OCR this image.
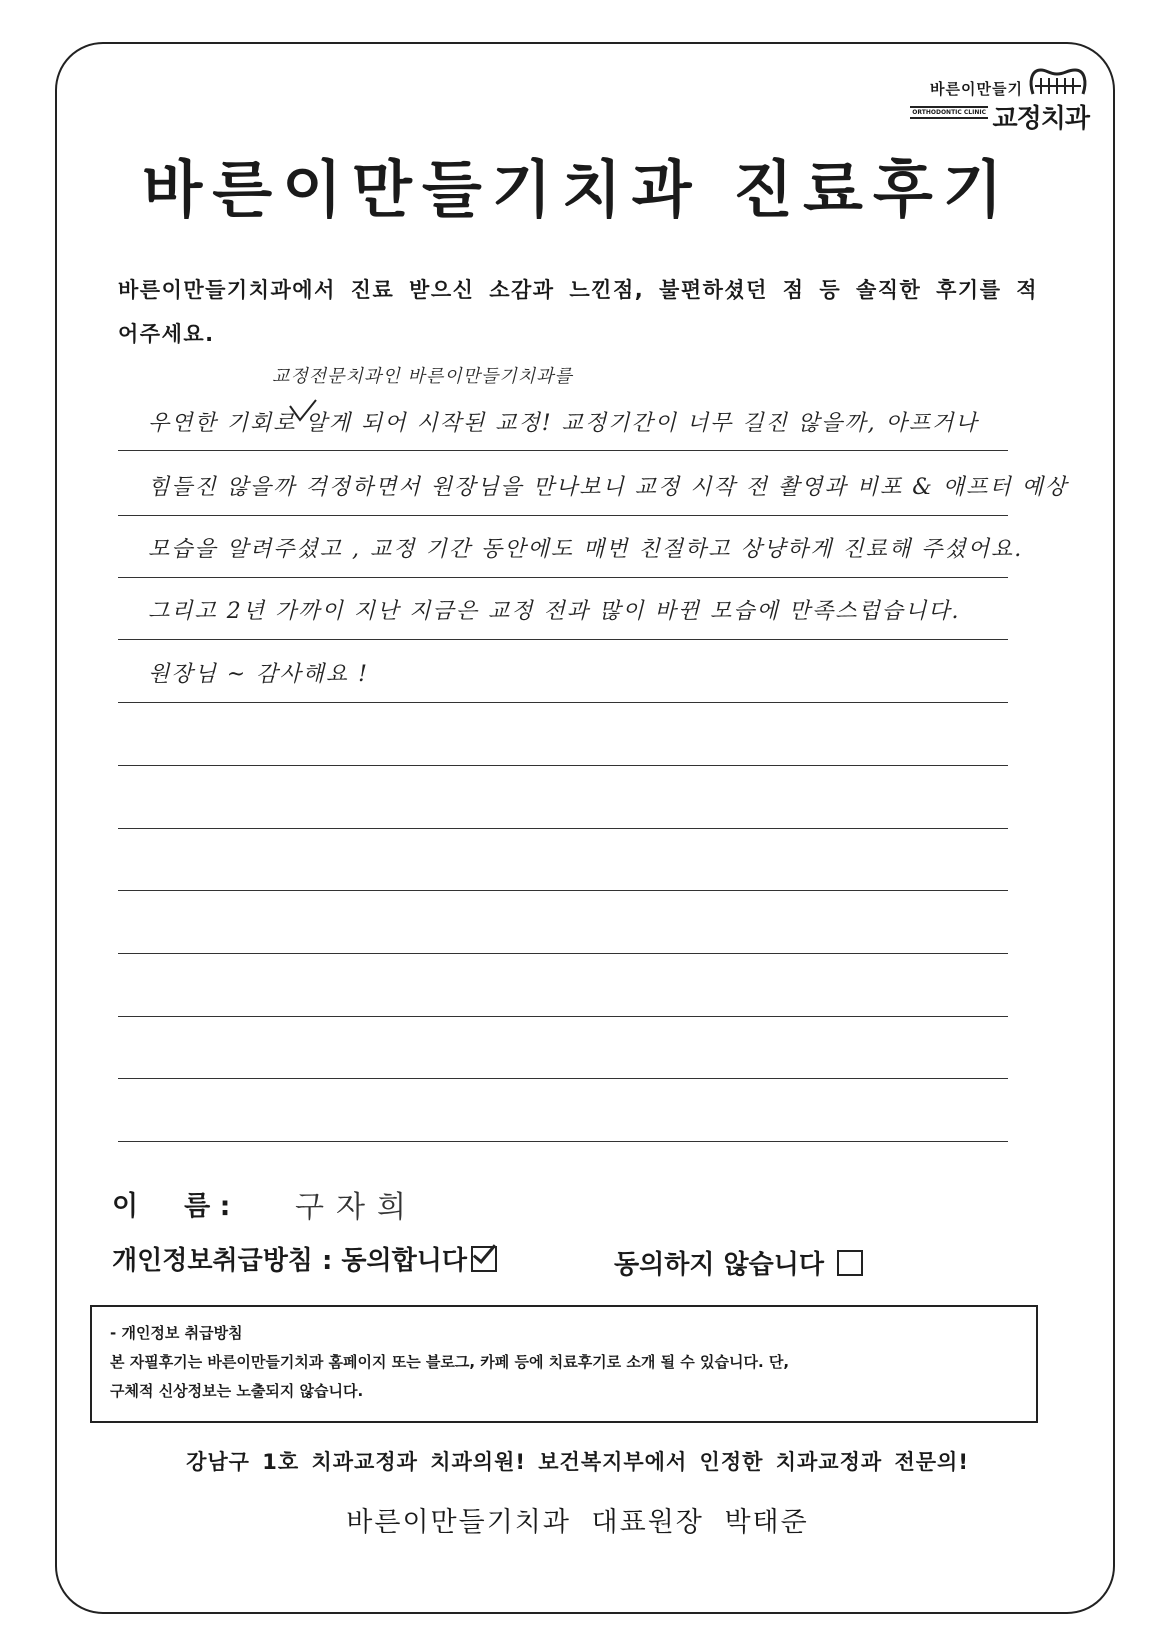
바른이만들기
ORTHODONTIC CLINIC 교정치과
바른이만들기치과 진료후기
바른이만들기치과에서 진료 받으신 소감과 느낀점, 불편하셨던 점 등 솔직한 후기를 적어주세요.
교정전문치과인 바른이만들기치과를
우연한 기회로 알게 되어 시작된 교정! 교정기간이 너무 길진 않을까, 아프거나
힘들진 않을까 걱정하면서 원장님을 만나보니 교정 시작 전 촬영과 비포 & 애프터 예상
모습을 알려주셨고 , 교정 기간 동안에도 매번 친절하고 상냥하게 진료해 주셨어요.
그리고 2년 가까이 지난 지금은 교정 전과 많이 바뀐 모습에 만족스럽습니다.
원장님 ~ 감사해요 !
이 름 : 구자희
개인정보취급방침 : 동의합니다	동의하지 않습니다
- 개인정보 취급방침
본 자필후기는 바른이만들기치과 홈페이지 또는 블로그, 카페 등에 치료후기로 소개 될 수 있습니다. 단,
구체적 신상정보는 노출되지 않습니다.
강남구 1호 치과교정과 치과의원! 보건복지부에서 인정한 치과교정과 전문의!
바른이만들기치과 대표원장 박태준
